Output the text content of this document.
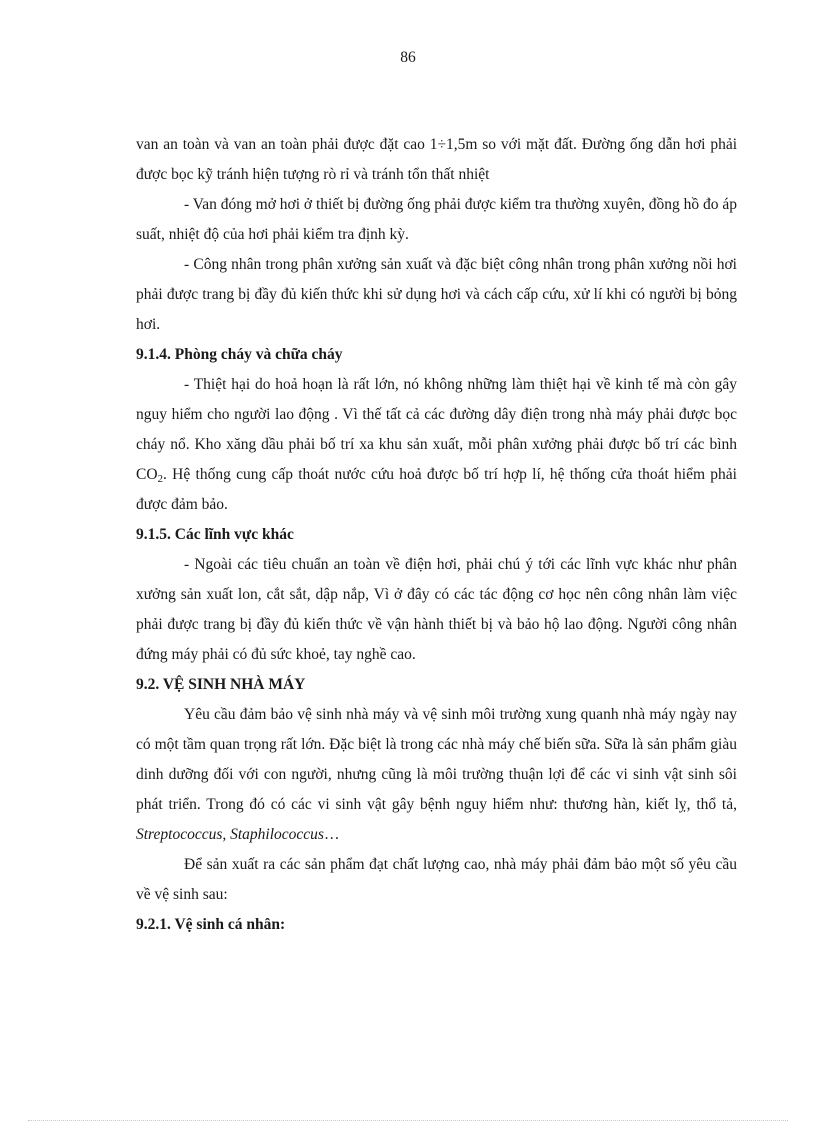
86

van an toàn và van an toàn phải được đặt cao 1÷1,5m so với mặt đất. Đường ống dẫn hơi phải được bọc kỹ tránh hiện tượng rò rỉ và tránh tổn thất nhiệt

- Van đóng mở hơi ở thiết bị đường ống phải được kiểm tra thường xuyên, đồng hồ đo áp suất, nhiệt độ của hơi phải kiểm tra định kỳ.

- Công nhân trong phân xưởng sản xuất và đặc biệt công nhân trong phân xưởng nồi hơi phải được trang bị đầy đủ kiến thức khi sử dụng hơi và cách cấp cứu, xử lí khi có người bị bỏng hơi.

9.1.4. Phòng cháy và chữa cháy

- Thiệt hại do hoả hoạn là rất lớn, nó không những làm thiệt hại về kinh tế mà còn gây nguy hiểm cho người lao động . Vì thế tất cả các đường dây điện trong nhà máy phải được bọc cháy nổ. Kho xăng dầu phải bố trí xa khu sản xuất, mỗi phân xưởng phải được bố trí các bình $CO_2$. Hệ thống cung cấp thoát nước cứu hoả được bố trí hợp lí, hệ thống cửa thoát hiểm phải được đảm bảo.

9.1.5. Các lĩnh vực khác

- Ngoài các tiêu chuẩn an toàn về điện hơi, phải chú ý tới các lĩnh vực khác như phân xưởng sản xuất lon, cắt sắt, dập nắp, Vì ở đây có các tác động cơ học nên công nhân làm việc phải được trang bị đầy đủ kiến thức về vận hành thiết bị và bảo hộ lao động. Người công nhân đứng máy phải có đủ sức khoẻ, tay nghề cao.

9.2. VỆ SINH NHÀ MÁY

Yêu cầu đảm bảo vệ sinh nhà máy và vệ sinh môi trường xung quanh nhà máy ngày nay có một tầm quan trọng rất lớn. Đặc biệt là trong các nhà máy chế biến sữa. Sữa là sản phẩm giàu dinh dưỡng đối với con người, nhưng cũng là môi trường thuận lợi để các vi sinh vật sinh sôi phát triển. Trong đó có các vi sinh vật gây bệnh nguy hiểm như: thương hàn, kiết lỵ, thổ tả, Streptococcus, Staphilococcus…

Để sản xuất ra các sản phẩm đạt chất lượng cao, nhà máy phải đảm bảo một số yêu cầu về vệ sinh sau:

9.2.1. Vệ sinh cá nhân:
